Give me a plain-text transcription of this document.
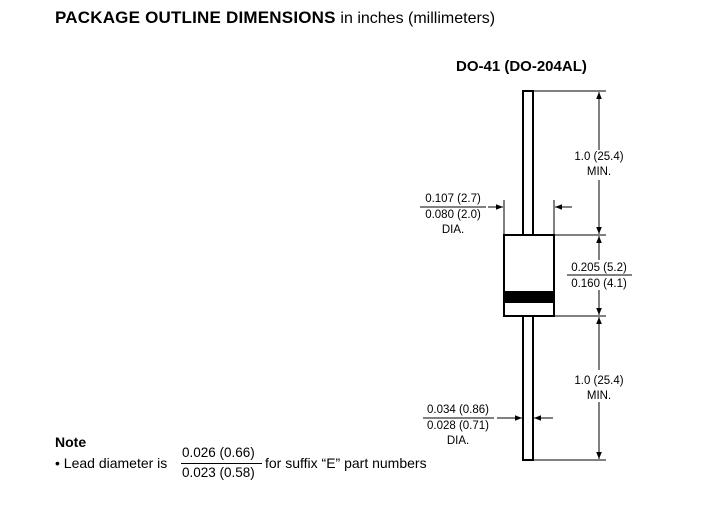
PACKAGE OUTLINE DIMENSIONS in inches (millimeters)
DO-41 (DO-204AL)
1.0 (25.4)
MIN.
0.107 (2.7)
0.080 (2.0)
DIA.
0.205 (5.2)
0.160 (4.1)
1.0 (25.4)
MIN.
0.034 (0.86)
0.028 (0.71)
DIA.
Note
• Lead diameter is
0.026 (0.66)
0.023 (0.58)
for suffix “E” part numbers
